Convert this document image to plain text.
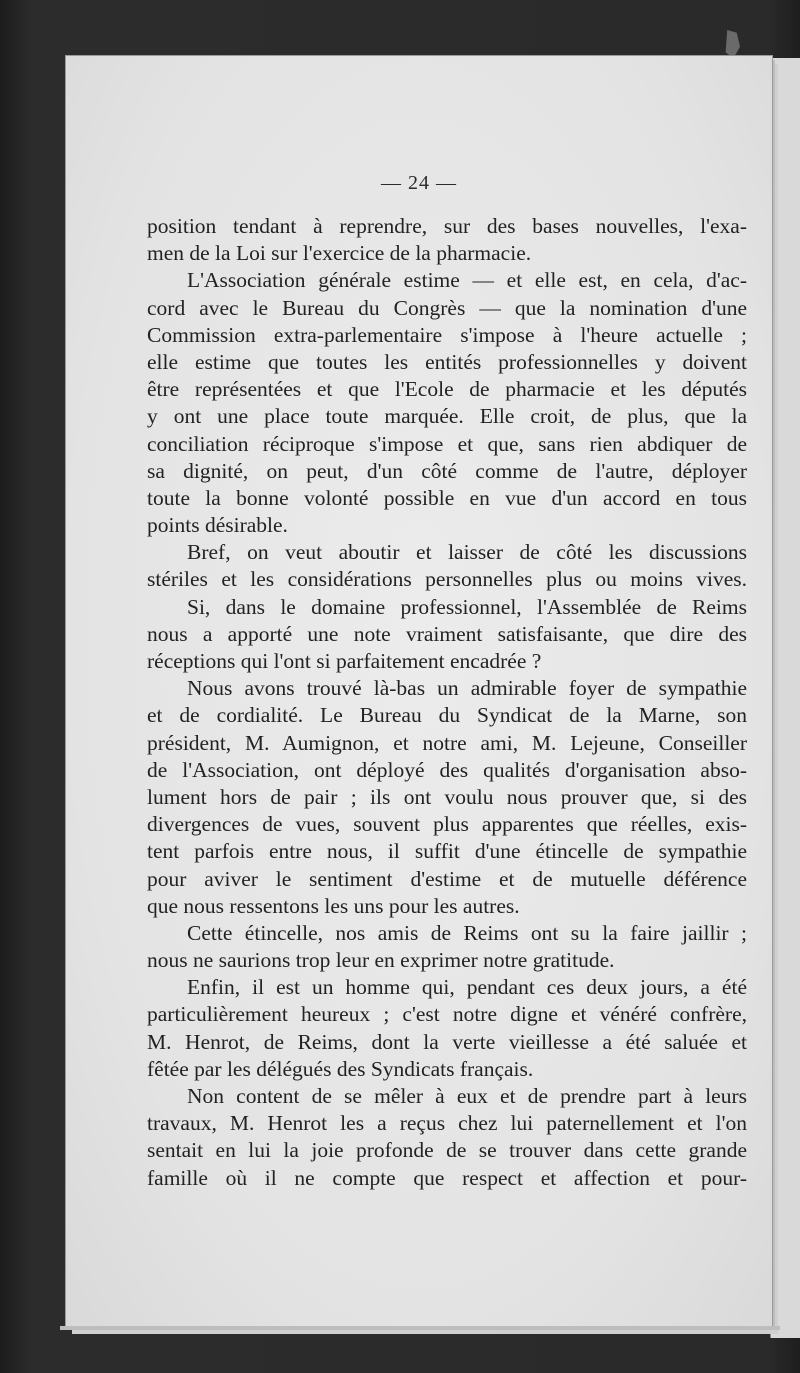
— 24 —
position tendant à reprendre, sur des bases nouvelles, l'exa-
men de la Loi sur l'exercice de la pharmacie.
L'Association générale estime — et elle est, en cela, d'ac-
cord avec le Bureau du Congrès — que la nomination d'une
Commission extra-parlementaire s'impose à l'heure actuelle ;
elle estime que toutes les entités professionnelles y doivent
être représentées et que l'Ecole de pharmacie et les députés
y ont une place toute marquée. Elle croit, de plus, que la
conciliation réciproque s'impose et que, sans rien abdiquer de
sa dignité, on peut, d'un côté comme de l'autre, déployer
toute la bonne volonté possible en vue d'un accord en tous
points désirable.
Bref, on veut aboutir et laisser de côté les discussions
stériles et les considérations personnelles plus ou moins vives.
Si, dans le domaine professionnel, l'Assemblée de Reims
nous a apporté une note vraiment satisfaisante, que dire des
réceptions qui l'ont si parfaitement encadrée ?
Nous avons trouvé là-bas un admirable foyer de sympathie
et de cordialité. Le Bureau du Syndicat de la Marne, son
président, M. Aumignon, et notre ami, M. Lejeune, Conseiller
de l'Association, ont déployé des qualités d'organisation abso-
lument hors de pair ; ils ont voulu nous prouver que, si des
divergences de vues, souvent plus apparentes que réelles, exis-
tent parfois entre nous, il suffit d'une étincelle de sympathie
pour aviver le sentiment d'estime et de mutuelle déférence
que nous ressentons les uns pour les autres.
Cette étincelle, nos amis de Reims ont su la faire jaillir ;
nous ne saurions trop leur en exprimer notre gratitude.
Enfin, il est un homme qui, pendant ces deux jours, a été
particulièrement heureux ; c'est notre digne et vénéré confrère,
M. Henrot, de Reims, dont la verte vieillesse a été saluée et
fêtée par les délégués des Syndicats français.
Non content de se mêler à eux et de prendre part à leurs
travaux, M. Henrot les a reçus chez lui paternellement et l'on
sentait en lui la joie profonde de se trouver dans cette grande
famille où il ne compte que respect et affection et pour-
